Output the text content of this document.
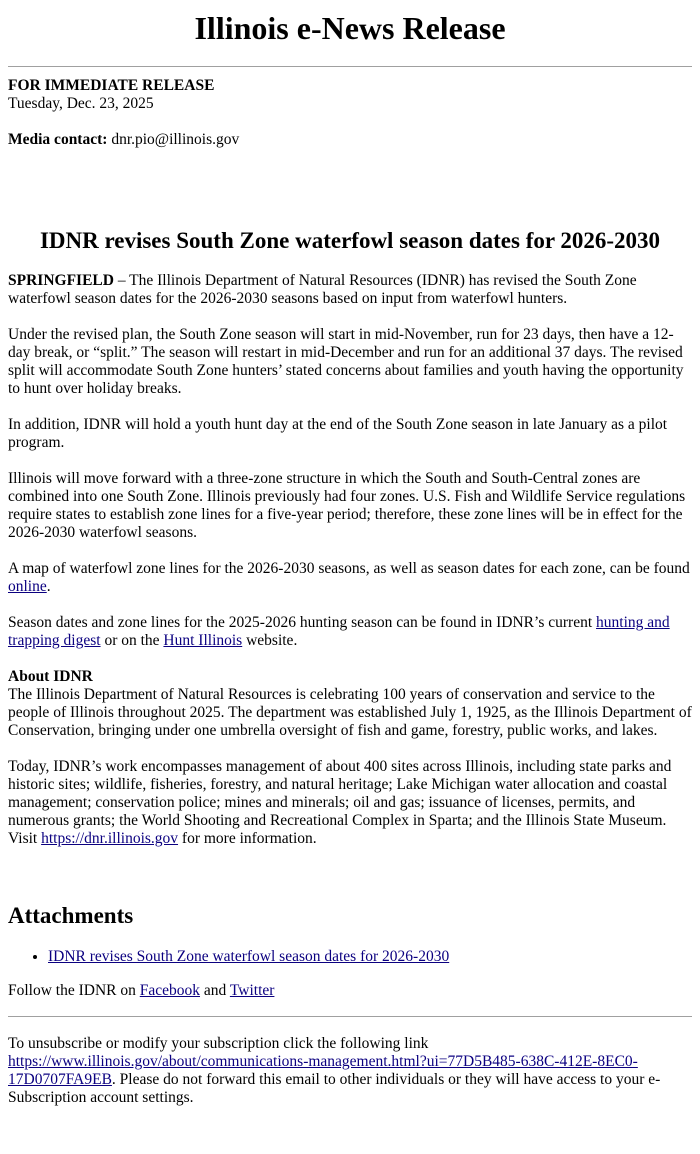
Illinois e-News Release

FOR IMMEDIATE RELEASE

Tuesday, Dec. 23, 2025

Media contact: dnr.pio@illinois.gov

IDNR revises South Zone waterfowl season dates for 2026-2030

SPRINGFIELD – The Illinois Department of Natural Resources (IDNR) has revised the South Zone waterfowl season dates for the 2026-2030 seasons based on input from waterfowl hunters.

Under the revised plan, the South Zone season will start in mid-November, run for 23 days, then have a 12-day break, or “split.” The season will restart in mid-December and run for an additional 37 days. The revised split will accommodate South Zone hunters’ stated concerns about families and youth having the opportunity to hunt over holiday breaks.

In addition, IDNR will hold a youth hunt day at the end of the South Zone season in late January as a pilot program.

Illinois will move forward with a three-zone structure in which the South and South-Central zones are combined into one South Zone. Illinois previously had four zones. U.S. Fish and Wildlife Service regulations require states to establish zone lines for a five-year period; therefore, these zone lines will be in effect for the 2026-2030 waterfowl seasons.

A map of waterfowl zone lines for the 2026-2030 seasons, as well as season dates for each zone, can be found online.

Season dates and zone lines for the 2025-2026 hunting season can be found in IDNR’s current hunting and trapping digest or on the Hunt Illinois website.

About IDNR

The Illinois Department of Natural Resources is celebrating 100 years of conservation and service to the people of Illinois throughout 2025. The department was established July 1, 1925, as the Illinois Department of Conservation, bringing under one umbrella oversight of fish and game, forestry, public works, and lakes.

Today, IDNR’s work encompasses management of about 400 sites across Illinois, including state parks and historic sites; wildlife, fisheries, forestry, and natural heritage; Lake Michigan water allocation and coastal management; conservation police; mines and minerals; oil and gas; issuance of licenses, permits, and numerous grants; the World Shooting and Recreational Complex in Sparta; and the Illinois State Museum. Visit https://dnr.illinois.gov for more information.

Attachments
• IDNR revises South Zone waterfowl season dates for 2026-2030

Follow the IDNR on Facebook and Twitter

To unsubscribe or modify your subscription click the following link https://www.illinois.gov/about/communications-management.html?ui=77D5B485-638C-412E-8EC0-17D0707FA9EB. Please do not forward this email to other individuals or they will have access to your e-Subscription account settings.
